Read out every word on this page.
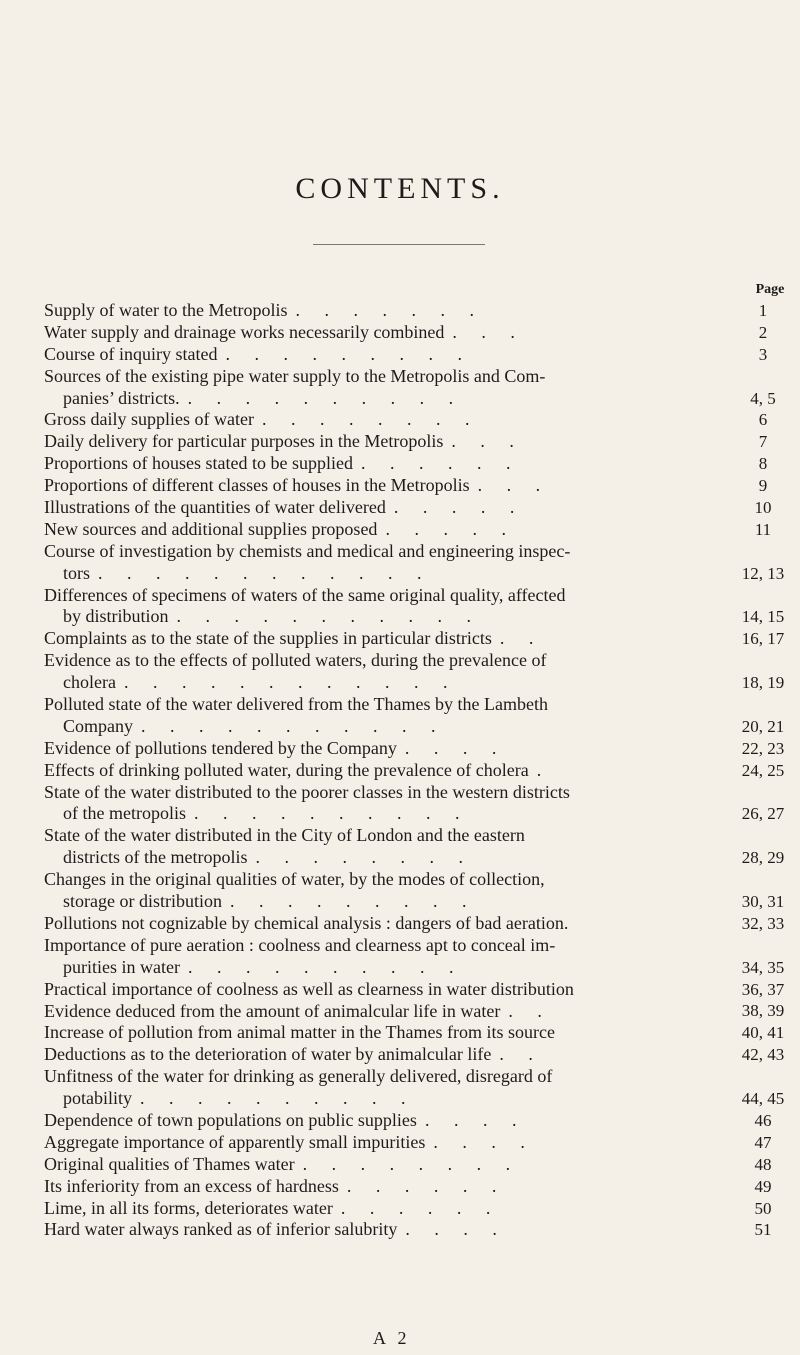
CONTENTS.
Page
Supply of water to the Metropolis . . . . . . .	1
Water supply and drainage works necessarily combined . . .	2
Course of inquiry stated . . . . . . . . .	3
Sources of the existing pipe water supply to the Metropolis and Com-
panies’ districts. . . . . . . . . . .	4, 5
Gross daily supplies of water . . . . . . . .	6
Daily delivery for particular purposes in the Metropolis . . .	7
Proportions of houses stated to be supplied . . . . . .	8
Proportions of different classes of houses in the Metropolis . . .	9
Illustrations of the quantities of water delivered . . . . .	10
New sources and additional supplies proposed . . . . .	11
Course of investigation by chemists and medical and engineering inspec-
tors . . . . . . . . . . . .	12, 13
Differences of specimens of waters of the same original quality, affected
by distribution . . . . . . . . . . .	14, 15
Complaints as to the state of the supplies in particular districts . .	16, 17
Evidence as to the effects of polluted waters, during the prevalence of
cholera . . . . . . . . . . . .	18, 19
Polluted state of the water delivered from the Thames by the Lambeth
Company . . . . . . . . . . .	20, 21
Evidence of pollutions tendered by the Company . . . .	22, 23
Effects of drinking polluted water, during the prevalence of cholera .	24, 25
State of the water distributed to the poorer classes in the western districts
of the metropolis . . . . . . . . . .	26, 27
State of the water distributed in the City of London and the eastern
districts of the metropolis . . . . . . . .	28, 29
Changes in the original qualities of water, by the modes of collection,
storage or distribution . . . . . . . . .	30, 31
Pollutions not cognizable by chemical analysis : dangers of bad aeration.	32, 33
Importance of pure aeration : coolness and clearness apt to conceal im-
purities in water . . . . . . . . . .	34, 35
Practical importance of coolness as well as clearness in water distribution	36, 37
Evidence deduced from the amount of animalcular life in water . .	38, 39
Increase of pollution from animal matter in the Thames from its source	40, 41
Deductions as to the deterioration of water by animalcular life . .	42, 43
Unfitness of the water for drinking as generally delivered, disregard of
potability . . . . . . . . . .	44, 45
Dependence of town populations on public supplies . . . .	46
Aggregate importance of apparently small impurities . . . .	47
Original qualities of Thames water . . . . . . . .	48
Its inferiority from an excess of hardness . . . . . .	49
Lime, in all its forms, deteriorates water . . . . . .	50
Hard water always ranked as of inferior salubrity . . . .	51
A 2
